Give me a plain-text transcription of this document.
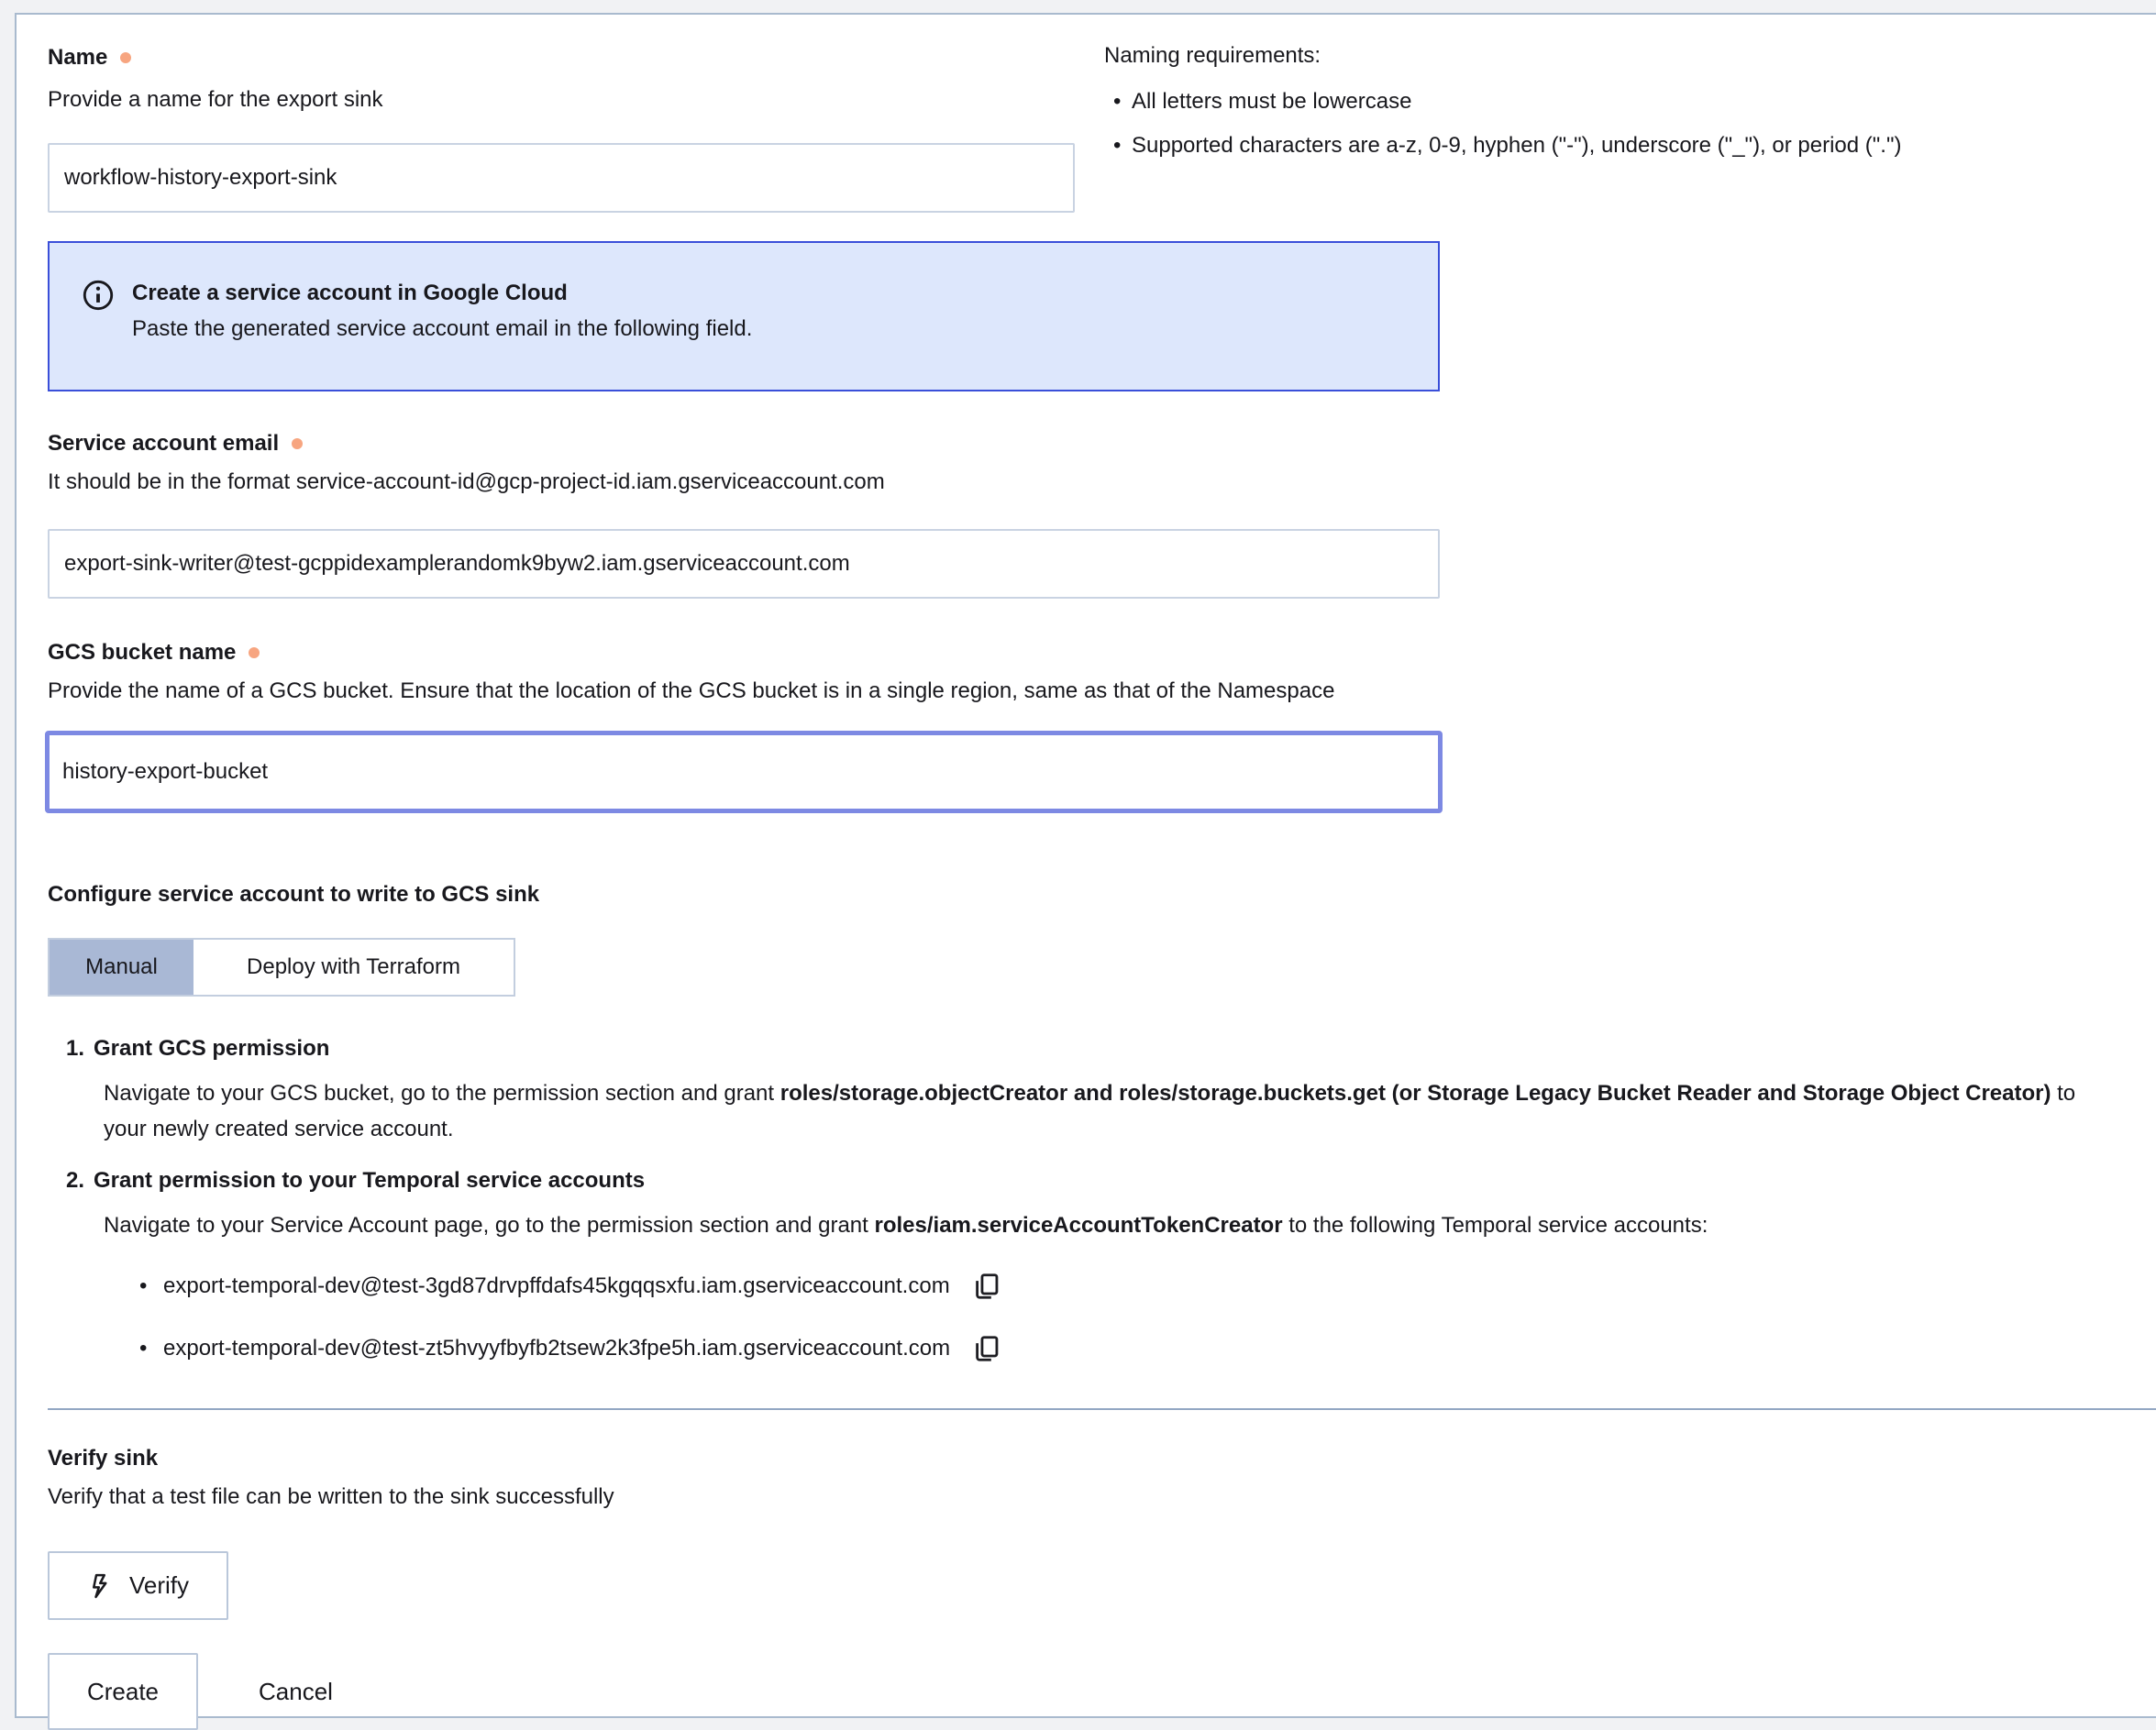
Name
Provide a name for the export sink
workflow-history-export-sink
Create a service account in Google Cloud
Paste the generated service account email in the following field.
Service account email
It should be in the format service-account-id@gcp-project-id.iam.gserviceaccount.com
export-sink-writer@test-gcppidexamplerandomk9byw2.iam.gserviceaccount.com
GCS bucket name
Provide the name of a GCS bucket. Ensure that the location of the GCS bucket is in a single region, same as that of the Namespace
history-export-bucket
Configure service account to write to GCS sink
Manual	Deploy with Terraform
1. Grant GCS permission

Navigate to your GCS bucket, go to the permission section and grant roles/storage.objectCreator and roles/storage.buckets.get (or Storage Legacy Bucket Reader and Storage Object Creator) to your newly created service account.

2. Grant permission to your Temporal service accounts

Navigate to your Service Account page, go to the permission section and grant roles/iam.serviceAccountTokenCreator to the following Temporal service accounts:

• export-temporal-dev@test-3gd87drvpffdafs45kgqqsxfu.iam.gserviceaccount.com
• export-temporal-dev@test-zt5hvyyfbyfb2tsew2k3fpe5h.iam.gserviceaccount.com
Verify sink
Verify that a test file can be written to the sink successfully
Verify
Create	Cancel
Naming requirements:
• All letters must be lowercase
• Supported characters are a-z, 0-9, hyphen ("-"), underscore ("_"), or period (".")
